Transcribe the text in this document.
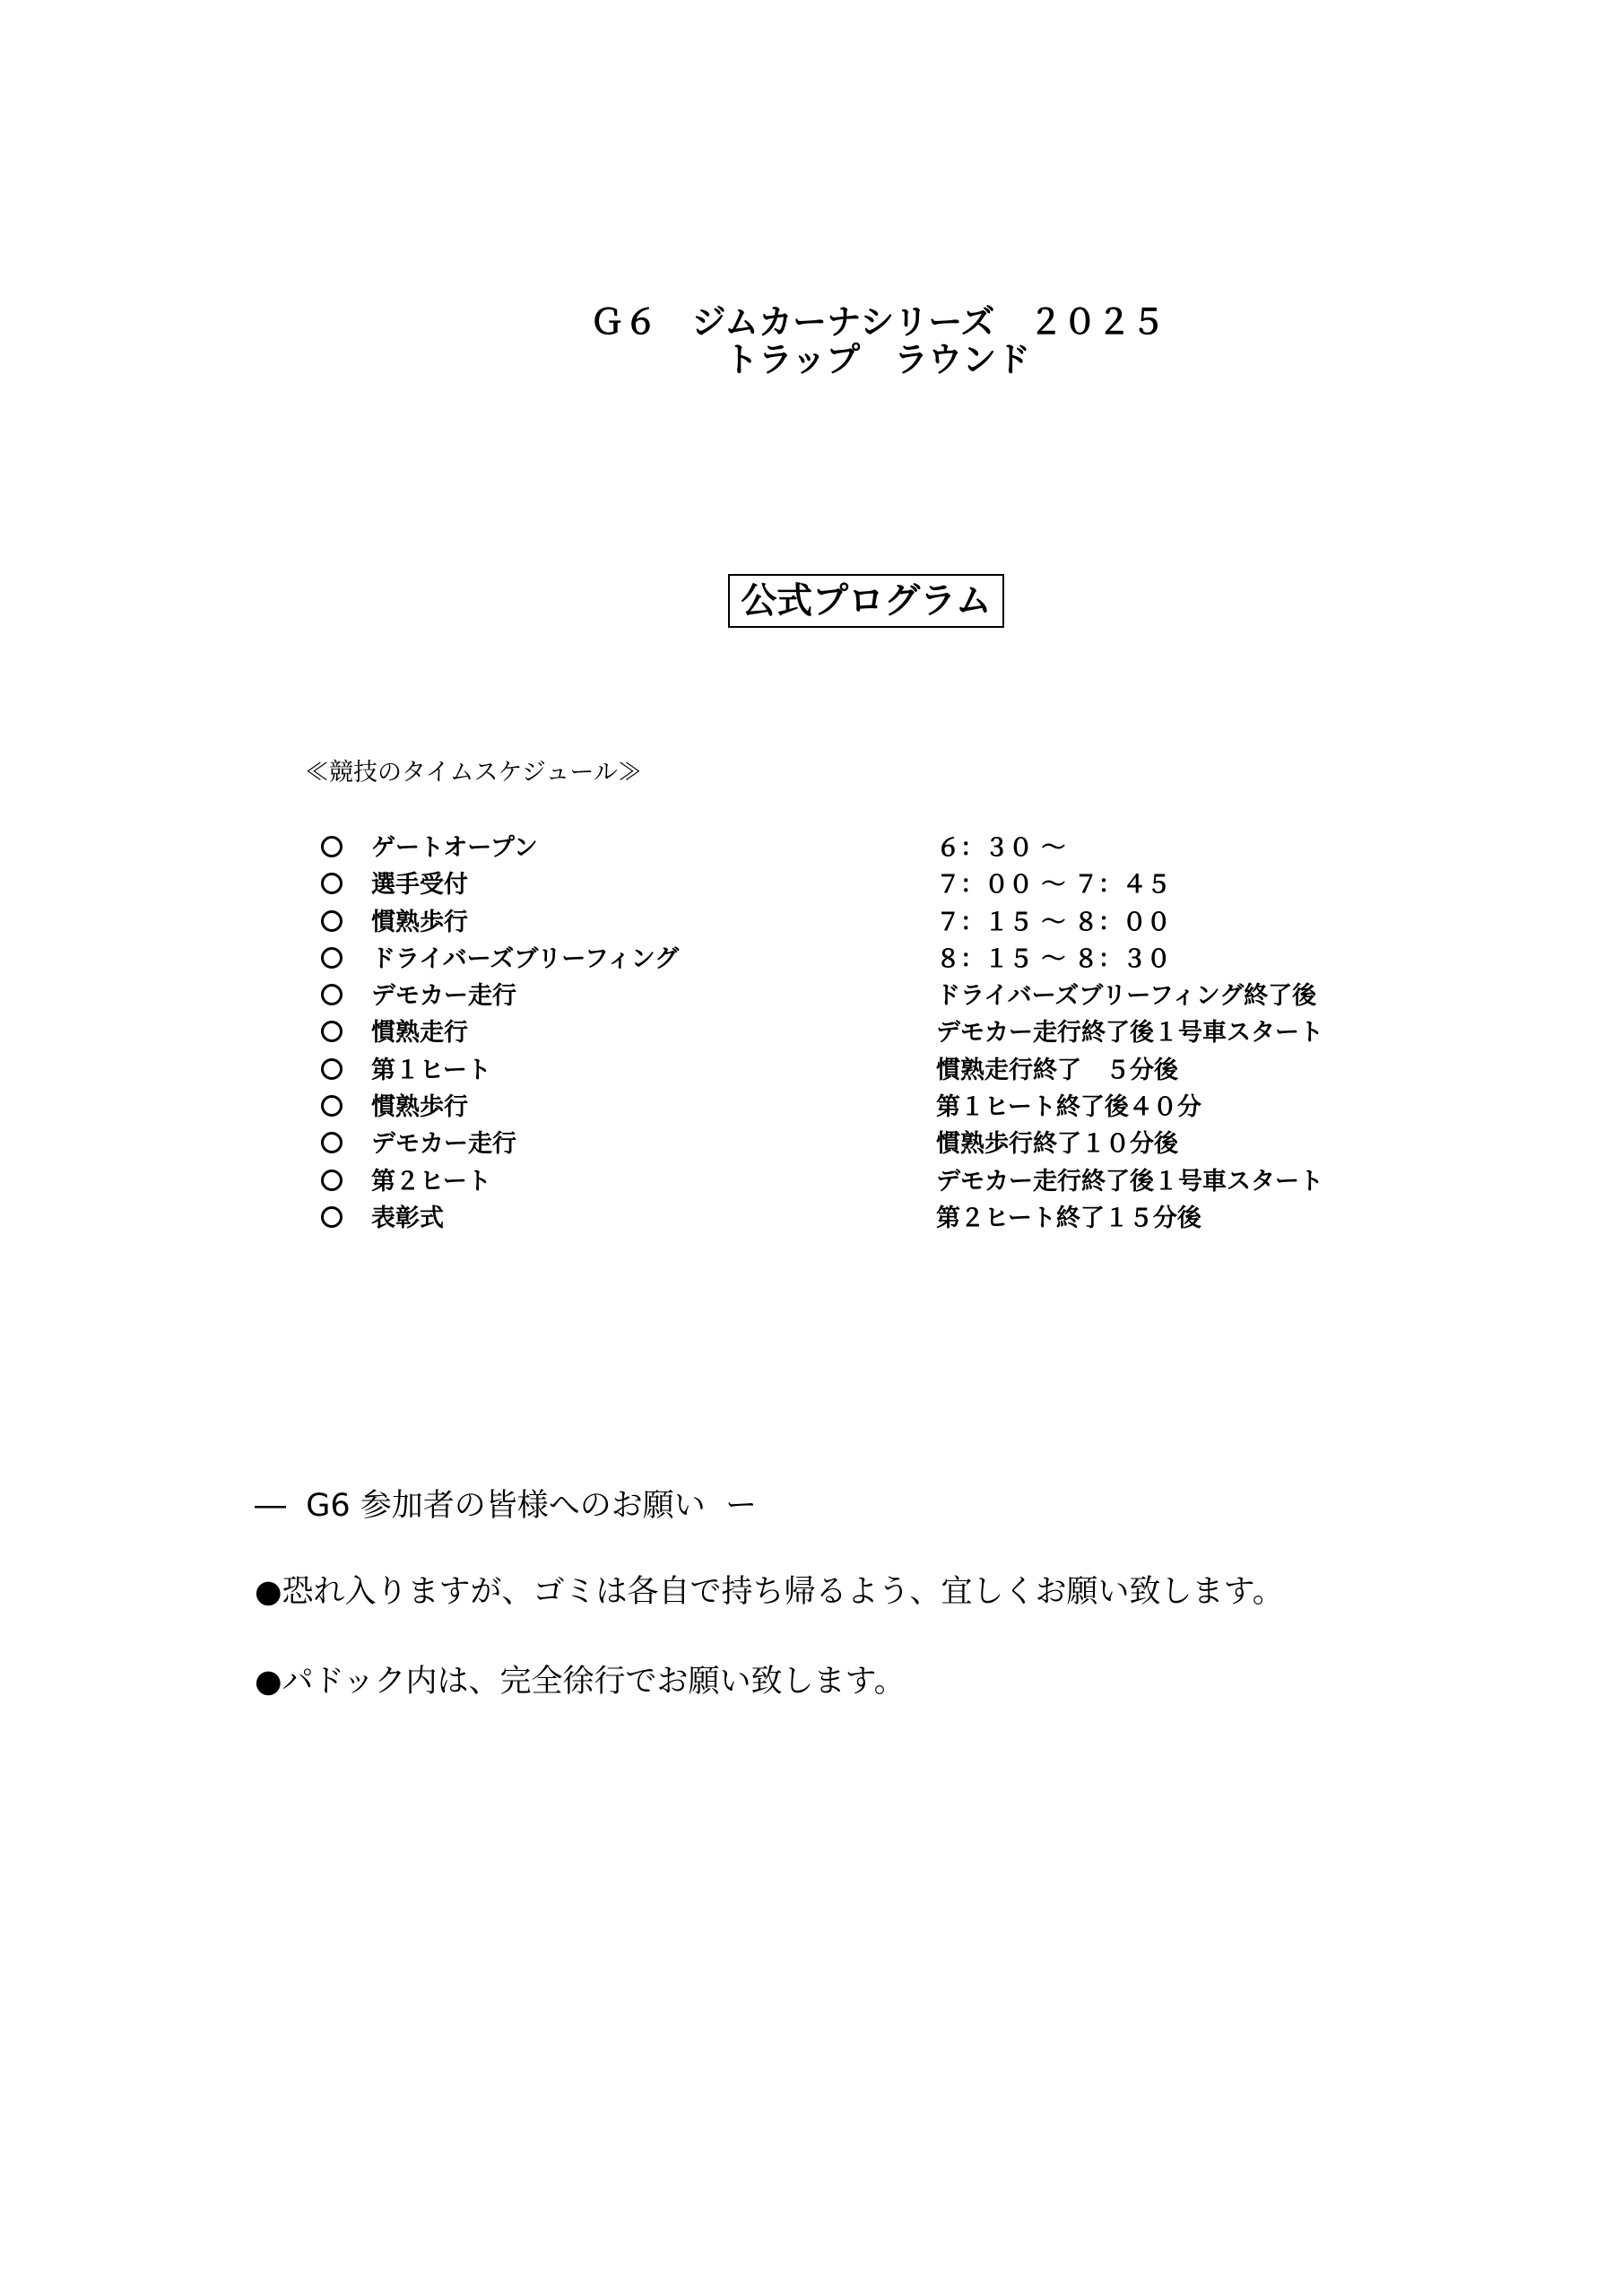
Ｇ６　ジムカーナシリーズ　２０２５
トラップ　ラウンド
公式プログラム
≪競技のタイムスケジュール≫
ゲートオープン	６：３０ ～
選手受付	７：００ ～ ７：４５
慣熟歩行	７：１５ ～ ８：００
ドライバーズブリーフィング	８：１５ ～ ８：３０
デモカー走行	ドライバーズブリーフィング終了後
慣熟走行	デモカー走行終了後１号車スタート
第１ヒート	慣熟走行終了　５分後
慣熟歩行	第１ヒート終了後４０分
デモカー走行	慣熟歩行終了１０分後
第２ヒート	デモカー走行終了後１号車スタート
表彰式	第２ヒート終了１５分後
―  G6 参加者の皆様へのお願い  ー
●恐れ入りますが、ゴミは各自で持ち帰るよう、宜しくお願い致します。
●パドック内は、完全徐行でお願い致します。
